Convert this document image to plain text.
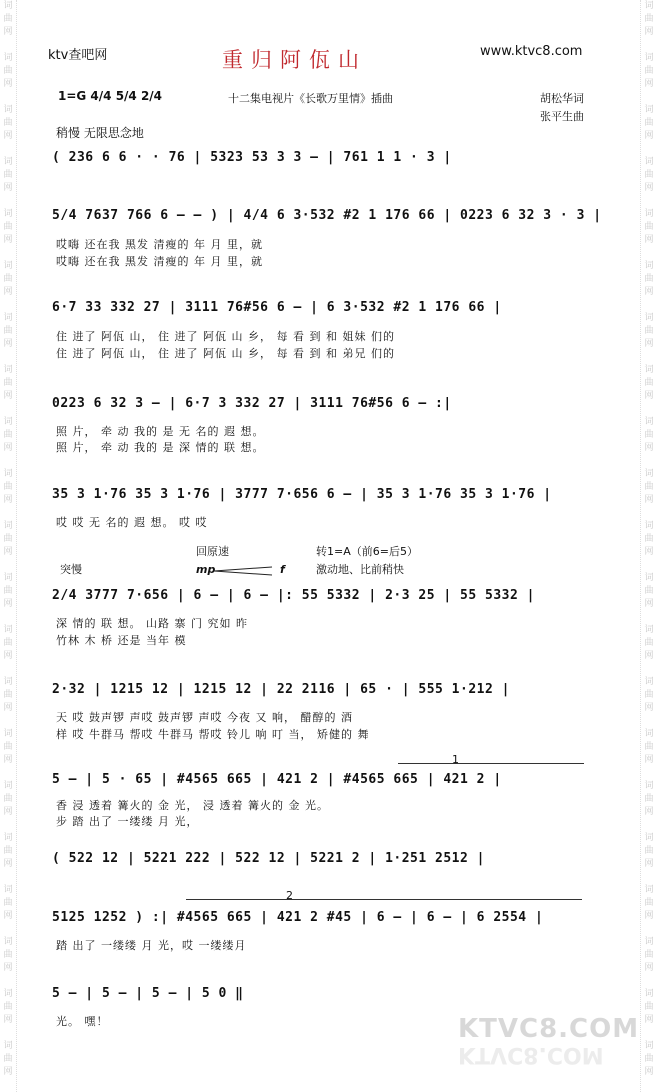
词
曲
网

词
曲
网

词
曲
网

词
曲
网

词
曲
网

词
曲
网

词
曲
网

词
曲
网

词
曲
网

词
曲
网

词
曲
网

词
曲
网

词
曲
网

词
曲
网

词
曲
网

词
曲
网

词
曲
网

词
曲
网

词
曲
网

词
曲
网

词
曲
网
词
曲
网

词
曲
网

词
曲
网

词
曲
网

词
曲
网

词
曲
网

词
曲
网

词
曲
网

词
曲
网

词
曲
网

词
曲
网

词
曲
网

词
曲
网

词
曲
网

词
曲
网

词
曲
网

词
曲
网

词
曲
网

词
曲
网

词
曲
网

词
曲
网
ktv查吧网	重归阿佤山	www.ktvc8.com
1=G 4/4 5/4 2/4	十二集电视片《长歌万里情》插曲	胡松华词
张平生曲
稍慢 无限思念地
( 236 6 6 · · 76 | 5323 53 3 3 – | 761 1 1 · 3 |
5/4 7637 766 6 – – ) | 4/4 6 3·532 #2 1 176 66 | 0223 6 32 3 · 3 |
哎嗨 还在我 黑发 清瘦的 年 月 里，就
哎嗨 还在我 黑发 清瘦的 年 月 里，就
6·7 33 332 27 | 3111 76#56 6 – | 6 3·532 #2 1 176 66 |
住 进了 阿佤 山， 住 进了 阿佤 山 乡， 每 看 到 和 姐妹 们的
住 进了 阿佤 山， 住 进了 阿佤 山 乡， 每 看 到 和 弟兄 们的
0223 6 32 3 – | 6·7 3 332 27 | 3111 76#56 6 – :|
照 片， 牵 动 我的 是 无 名的 遐 想。
照 片， 牵 动 我的 是 深 情的 联 想。
35 3 1·76 35 3 1·76 | 3777 7·656 6 – | 35 3 1·76 35 3 1·76 |
哎 哎 无 名的 遐 想。 哎 哎
回原速	转1=A（前6=后5）
突慢	激动地、比前稍快
mp	f
2/4 3777 7·656 | 6 – | 6 – |: 55 5332 | 2·3 25 | 55 5332 |
深 情的 联 想。 山路 寨 门 究如 昨
竹林 木 桥 还是 当年 模
2·32 | 1215 12 | 1215 12 | 22 2116 | 65 · | 555 1·212 |
天 哎 鼓声锣 声哎 鼓声锣 声哎 今夜 又 响， 醋醇的 酒
样 哎 牛群马 帮哎 牛群马 帮哎 铃儿 响 叮 当， 矫健的 舞
1
5 – | 5 · 65 | #4565 665 | 421 2 | #4565 665 | 421 2 |
香 浸 透着 篝火的 金 光， 浸 透着 篝火的 金 光。
步 踏 出了 一缕缕 月 光，
( 522 12 | 5221 222 | 522 12 | 5221 2 | 1·251 2512 |
2
5125 1252 ) :| #4565 665 | 421 2 #45 | 6 – | 6 – | 6 2554 |
踏 出了 一缕缕 月 光，哎 一缕缕月
5 – | 5 – | 5 – | 5 0 ‖
光。 嘿！	KTVC8.COM
KTVC8.COM
